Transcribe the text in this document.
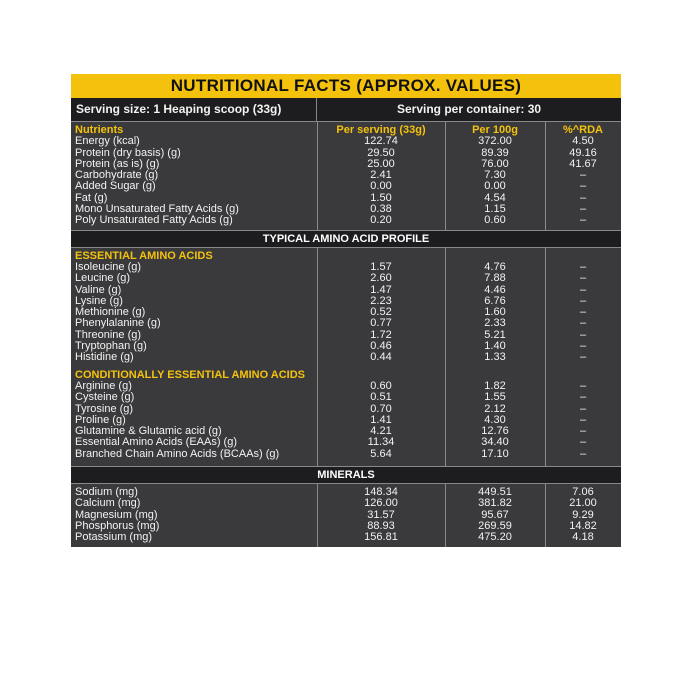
NUTRITIONAL FACTS (APPROX. VALUES)
Serving size: 1 Heaping scoop (33g)	Serving per container: 30
Nutrients	Per serving (33g)	Per 100g	%^RDA
Energy (kcal)	122.74	372.00	4.50
Protein (dry basis) (g)	29.50	89.39	49.16
Protein (as is) (g)	25.00	76.00	41.67
Carbohydrate (g)	2.41	7.30	–
Added Sugar (g)	0.00	0.00	–
Fat (g)	1.50	4.54	–
Mono Unsaturated Fatty Acids (g)	0.38	1.15	–
Poly Unsaturated Fatty Acids (g)	0.20	0.60	–
TYPICAL AMINO ACID PROFILE
ESSENTIAL AMINO ACIDS
Isoleucine (g)	1.57	4.76	–
Leucine (g)	2.60	7.88	–
Valine (g)	1.47	4.46	–
Lysine (g)	2.23	6.76	–
Methionine (g)	0.52	1.60	–
Phenylalanine (g)	0.77	2.33	–
Threonine (g)	1.72	5.21	–
Tryptophan (g)	0.46	1.40	–
Histidine (g)	0.44	1.33	–
CONDITIONALLY ESSENTIAL AMINO ACIDS
Arginine (g)	0.60	1.82	–
Cysteine (g)	0.51	1.55	–
Tyrosine (g)	0.70	2.12	–
Proline (g)	1.41	4.30	–
Glutamine & Glutamic acid (g)	4.21	12.76	–
Essential Amino Acids (EAAs) (g)	11.34	34.40	–
Branched Chain Amino Acids (BCAAs) (g)	5.64	17.10	–
MINERALS
Sodium (mg)	148.34	449.51	7.06
Calcium (mg)	126.00	381.82	21.00
Magnesium (mg)	31.57	95.67	9.29
Phosphorus (mg)	88.93	269.59	14.82
Potassium (mg)	156.81	475.20	4.18
